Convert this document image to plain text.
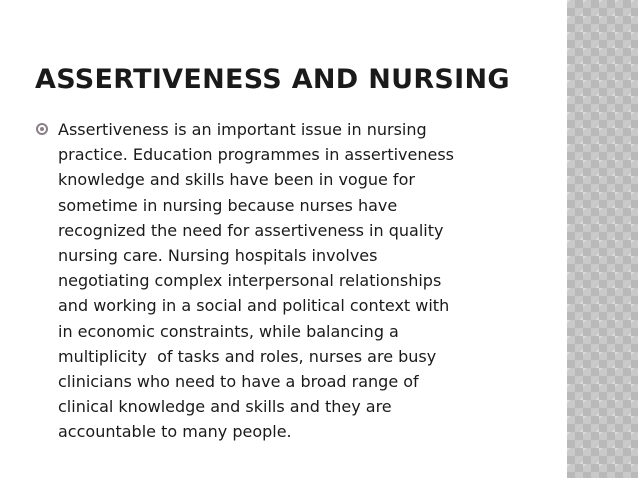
ASSERTIVENESS AND NURSING

Assertiveness is an important issue in nursing
practice. Education programmes in assertiveness
knowledge and skills have been in vogue for
sometime in nursing because nurses have
recognized the need for assertiveness in quality
nursing care. Nursing hospitals involves
negotiating complex interpersonal relationships
and working in a social and political context with
in economic constraints, while balancing a
multiplicity  of tasks and roles, nurses are busy
clinicians who need to have a broad range of
clinical knowledge and skills and they are
accountable to many people.
